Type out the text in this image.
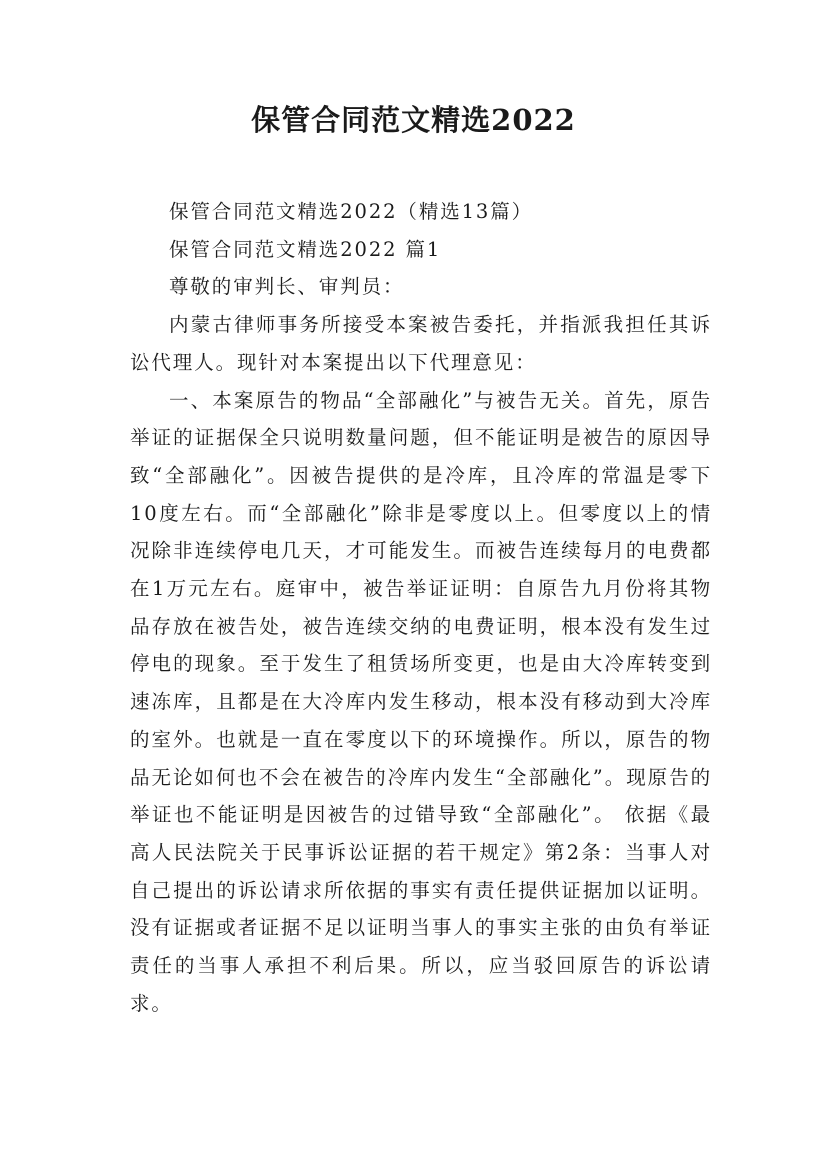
保管合同范文精选2022

保管合同范文精选2022（精选13篇）

保管合同范文精选2022 篇1

尊敬的审判长、审判员：

内蒙古律师事务所接受本案被告委托，并指派我担任其诉讼代理人。现针对本案提出以下代理意见：

一、本案原告的物品“全部融化”与被告无关。首先，原告举证的证据保全只说明数量问题，但不能证明是被告的原因导致“全部融化”。因被告提供的是冷库，且冷库的常温是零下10度左右。而“全部融化”除非是零度以上。但零度以上的情况除非连续停电几天，才可能发生。而被告连续每月的电费都在1万元左右。庭审中，被告举证证明：自原告九月份将其物品存放在被告处，被告连续交纳的电费证明，根本没有发生过停电的现象。至于发生了租赁场所变更，也是由大冷库转变到速冻库，且都是在大冷库内发生移动，根本没有移动到大冷库的室外。也就是一直在零度以下的环境操作。所以，原告的物品无论如何也不会在被告的冷库内发生“全部融化”。现原告的举证也不能证明是因被告的过错导致“全部融化”。 依据《最高人民法院关于民事诉讼证据的若干规定》第2条：当事人对自己提出的诉讼请求所依据的事实有责任提供证据加以证明。没有证据或者证据不足以证明当事人的事实主张的由负有举证责任的当事人承担不利后果。所以，应当驳回原告的诉讼请求。
